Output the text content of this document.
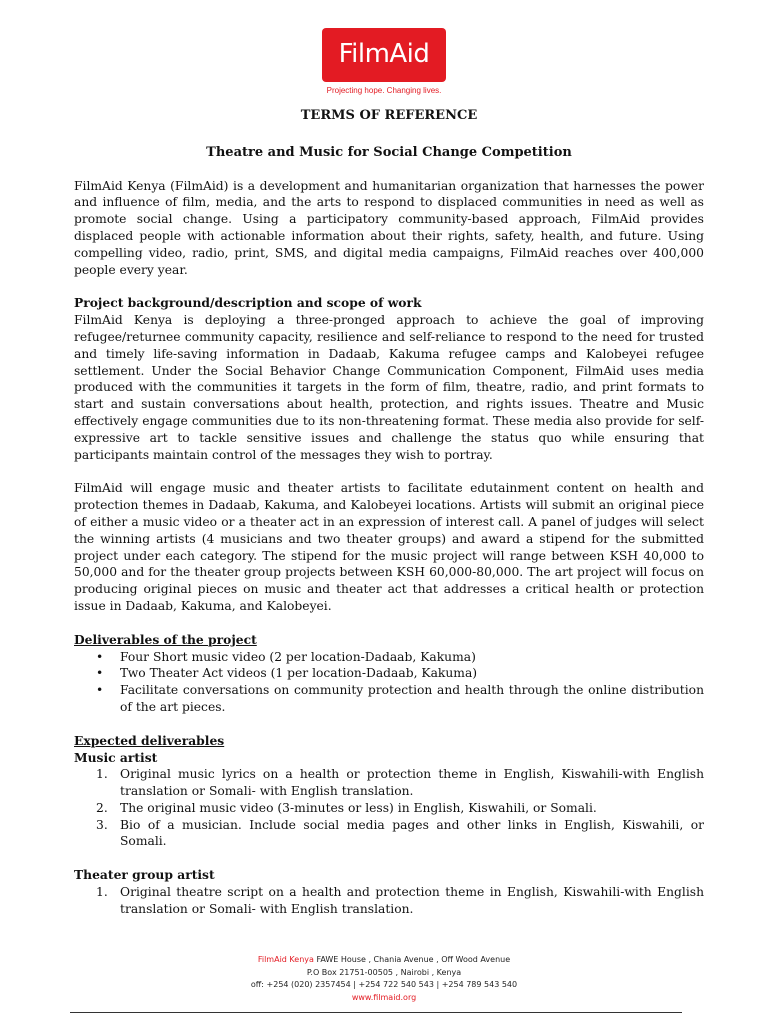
FilmAid
Projecting hope. Changing lives.
TERMS OF REFERENCE
Theatre and Music for Social Change Competition

FilmAid Kenya (FilmAid) is a development and humanitarian organization that harnesses the power and influence of film, media, and the arts to respond to displaced communities in need as well as promote social change. Using a participatory community-based approach, FilmAid provides displaced people with actionable information about their rights, safety, health, and future. Using compelling video, radio, print, SMS, and digital media campaigns, FilmAid reaches over 400,000 people every year.

Project background/description and scope of work

FilmAid Kenya is deploying a three-pronged approach to achieve the goal of improving refugee/returnee community capacity, resilience and self-reliance to respond to the need for trusted and timely life-saving information in Dadaab, Kakuma refugee camps and Kalobeyei refugee settlement. Under the Social Behavior Change Communication Component, FilmAid uses media produced with the communities it targets in the form of film, theatre, radio, and print formats to start and sustain conversations about health, protection, and rights issues. Theatre and Music effectively engage communities due to its non-threatening format. These media also provide for self-expressive art to tackle sensitive issues and challenge the status quo while ensuring that participants maintain control of the messages they wish to portray.

FilmAid will engage music and theater artists to facilitate edutainment content on health and protection themes in Dadaab, Kakuma, and Kalobeyei locations. Artists will submit an original piece of either a music video or a theater act in an expression of interest call. A panel of judges will select the winning artists (4 musicians and two theater groups) and award a stipend for the submitted project under each category. The stipend for the music project will range between KSH 40,000 to 50,000 and for the theater group projects between KSH 60,000-80,000. The art project will focus on producing original pieces on music and theater act that addresses a critical health or protection issue in Dadaab, Kakuma, and Kalobeyei.

Deliverables of the project
• Four Short music video (2 per location-Dadaab, Kakuma)
• Two Theater Act videos (1 per location-Dadaab, Kakuma)
• Facilitate conversations on community protection and health through the online distribution of the art pieces.
Expected deliverables
Music artist
1. Original music lyrics on a health or protection theme in English, Kiswahili-with English translation or Somali- with English translation.
2. The original music video (3-minutes or less) in English, Kiswahili, or Somali.
3. Bio of a musician. Include social media pages and other links in English, Kiswahili, or Somali.
Theater group artist
1. Original theatre script on a health and protection theme in English, Kiswahili-with English translation or Somali- with English translation.
FilmAid Kenya FAWE House , Chania Avenue , Off Wood Avenue
P.O Box 21751-00505 , Nairobi , Kenya
off: +254 (020) 2357454 | +254 722 540 543 | +254 789 543 540
www.filmaid.org
